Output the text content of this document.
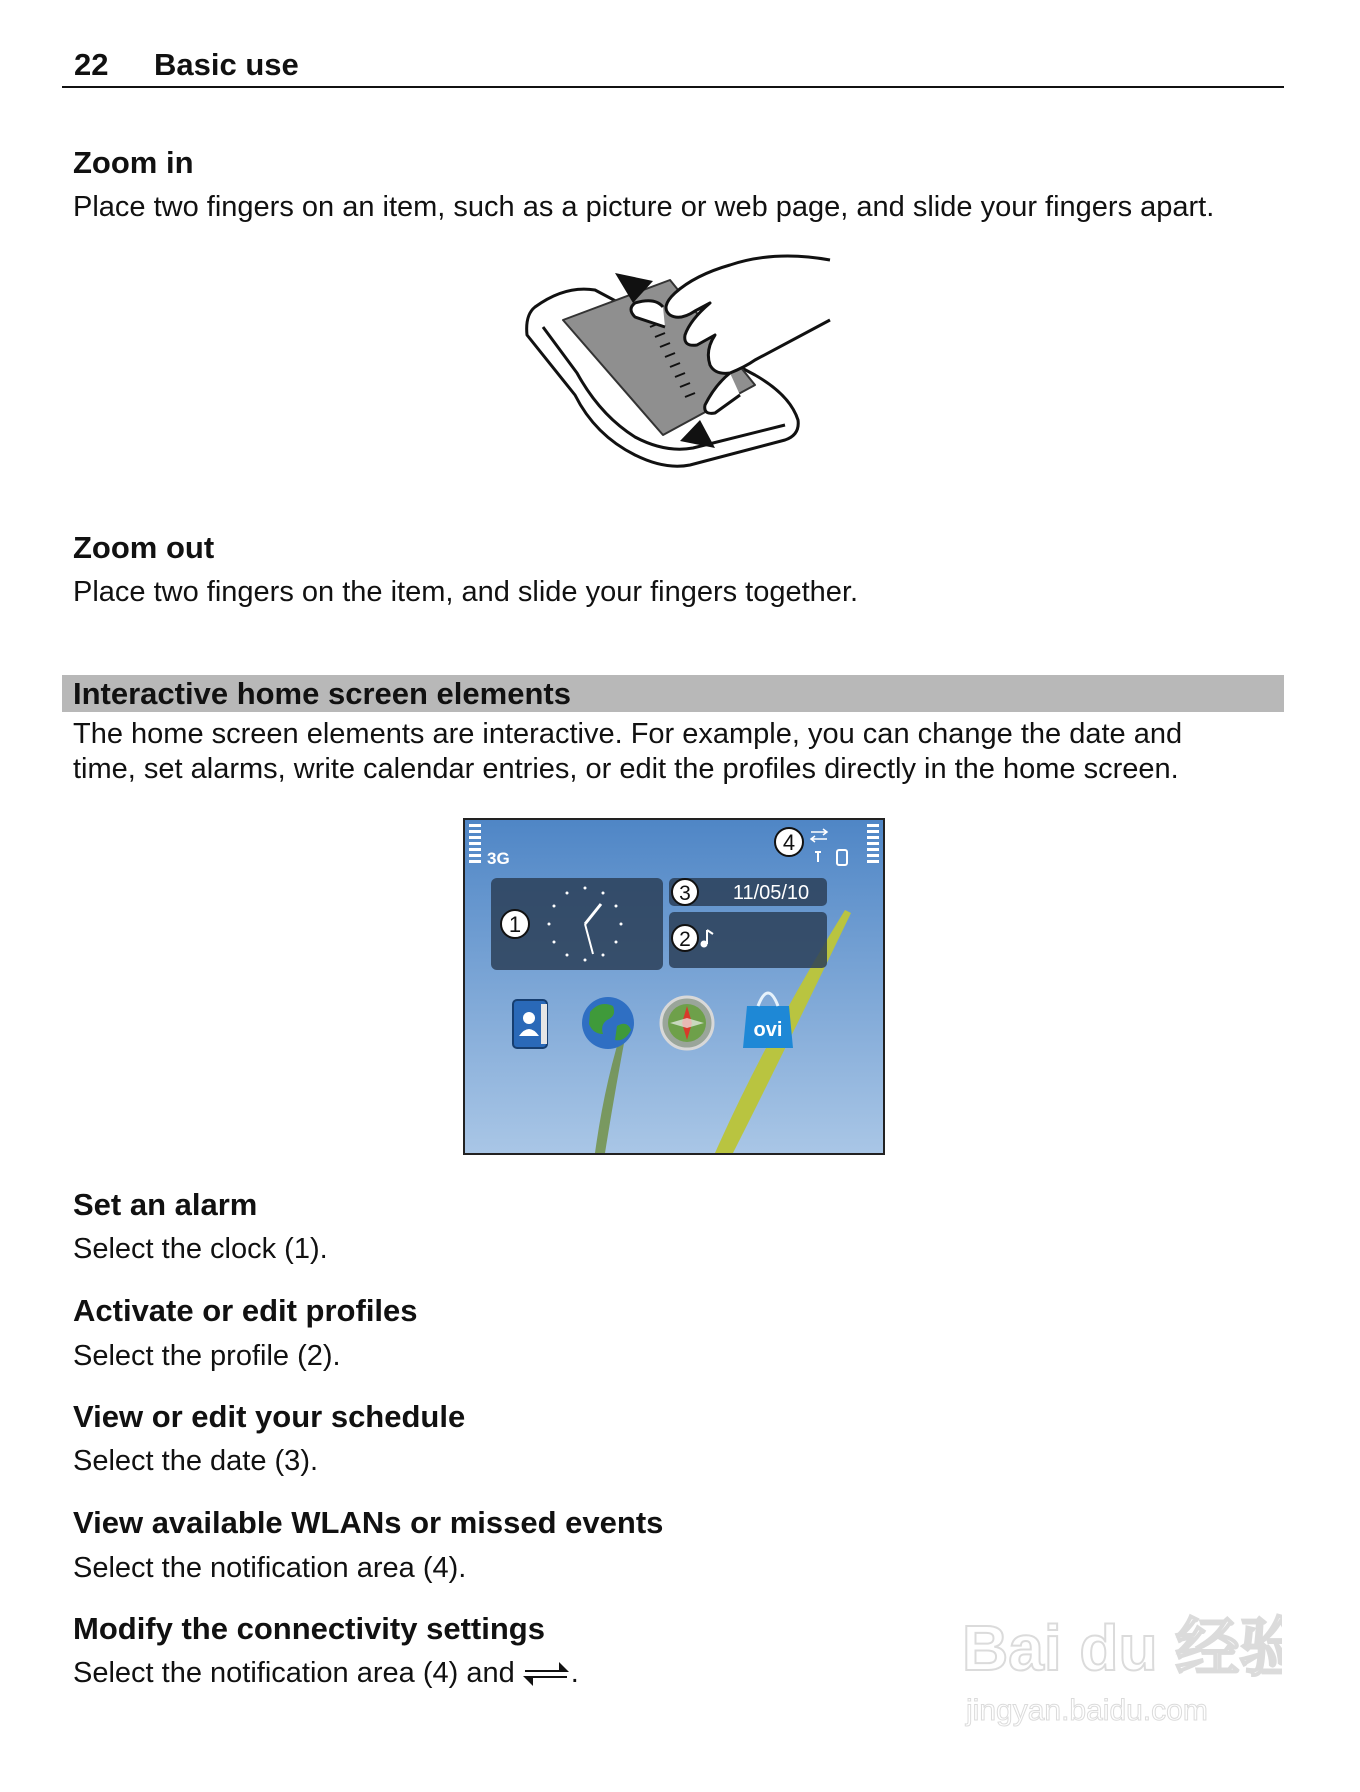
22 Basic use
Zoom in

Place two fingers on an item, such as a picture or web page, and slide your fingers apart.

Zoom out

Place two fingers on the item, and slide your fingers together.

Interactive home screen elements

The home screen elements are interactive. For example, you can change the date and

time, set alarms, write calendar entries, or edit the profiles directly in the home screen.

3G
4
1
3 11/05/10
2
ovi
Set an alarm

Select the clock (1).

Activate or edit profiles

Select the profile (2).

View or edit your schedule

Select the date (3).

View available WLANs or missed events

Select the notification area (4).

Modify the connectivity settings

Select the notification area (4) and .	Bai du 经验
jingyan.baidu.com
